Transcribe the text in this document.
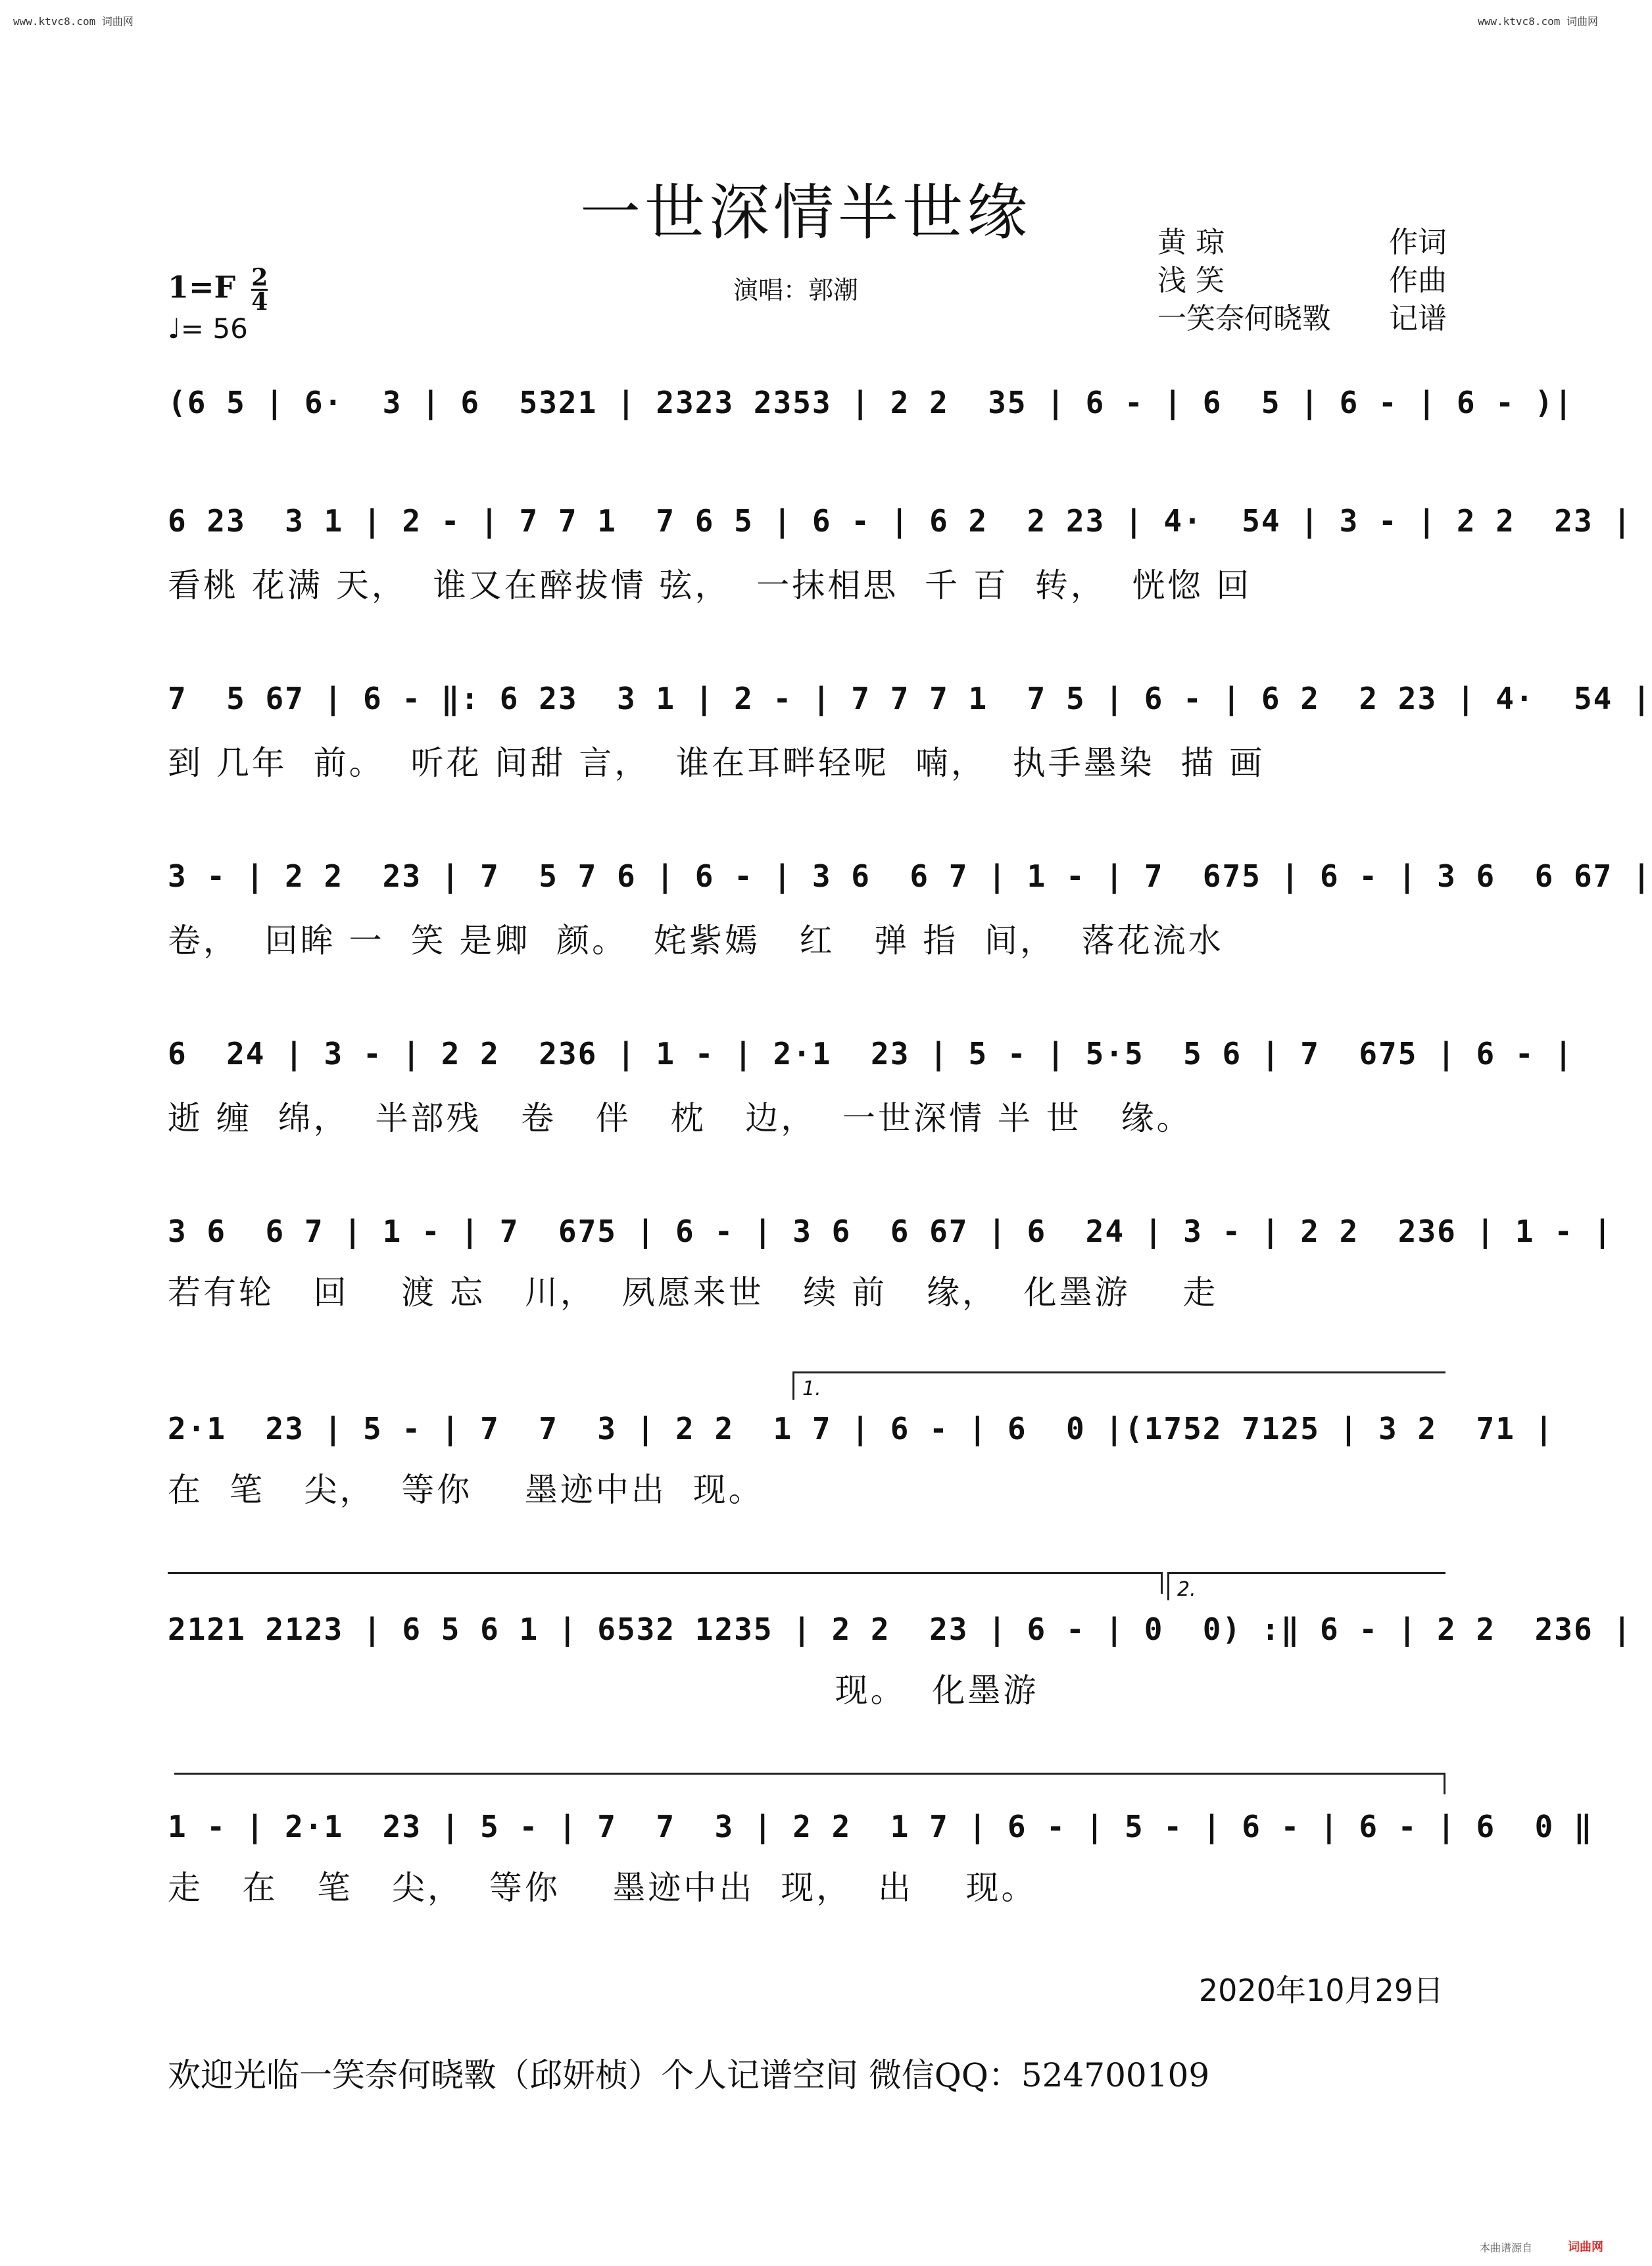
www.ktvc8.com 词曲网	www.ktvc8.com 词曲网
一世深情半世缘	黄 琼	作词
浅 笑	作曲
一笑奈何晓斁 记谱
$1=F \frac{2}{4}$
♩= 56
演唱：郭潮
(6 5 | 6·  3 | 6  5321 | 2323 2353 | 2 2  35 | 6 - | 6  5 | 6 - | 6 - )|
6 23  3 1 | 2 - | 7 7 1  7 6 5 | 6 - | 6 2  2 23 | 4·  54 | 3 - | 2 2  23 |
看桃 花满 天，  谁又在醉拔情 弦，  一抹相思  千 百  转，  恍惚 回
7  5 67 | 6 - ‖: 6 23  3 1 | 2 - | 7 7 7 1  7 5 | 6 - | 6 2  2 23 | 4·  54 |
到 几年  前。  听花 间甜 言，  谁在耳畔轻呢  喃，  执手墨染  描 画
3 - | 2 2  23 | 7  5 7 6 | 6 - | 3 6  6 7 | 1 - | 7  675 | 6 - | 3 6  6 67 |
卷，  回眸 一  笑 是卿  颜。  姹紫嫣   红   弹 指  间，  落花流水
6  24 | 3 - | 2 2  236 | 1 - | 2·1  23 | 5 - | 5·5  5 6 | 7  675 | 6 - |
逝 缠  绵，  半部残   卷   伴   枕   边，  一世深情 半 世   缘。
3 6  6 7 | 1 - | 7  675 | 6 - | 3 6  6 67 | 6  24 | 3 - | 2 2  236 | 1 - |
若有轮   回    渡 忘   川，  夙愿来世   续 前   缘，  化墨游    走
1.
2·1  23 | 5 - | 7  7  3 | 2 2  1 7 | 6 - | 6  0 |(1752 7125 | 3 2  71 |
在  笔   尖，  等你    墨迹中出  现。
2.
2121 2123 | 6 5 6 1 | 6532 1235 | 2 2  23 | 6 - | 0  0) :‖ 6 - | 2 2  236 |
现。  化墨游
1 - | 2·1  23 | 5 - | 7  7  3 | 2 2  1 7 | 6 - | 5 - | 6 - | 6 - | 6  0 ‖
走   在   笔   尖，  等你    墨迹中出  现，  出    现。
2020年10月29日
欢迎光临一笑奈何晓斁（邱妍桢）个人记谱空间 微信QQ：524700109
本曲谱源自	词曲网
